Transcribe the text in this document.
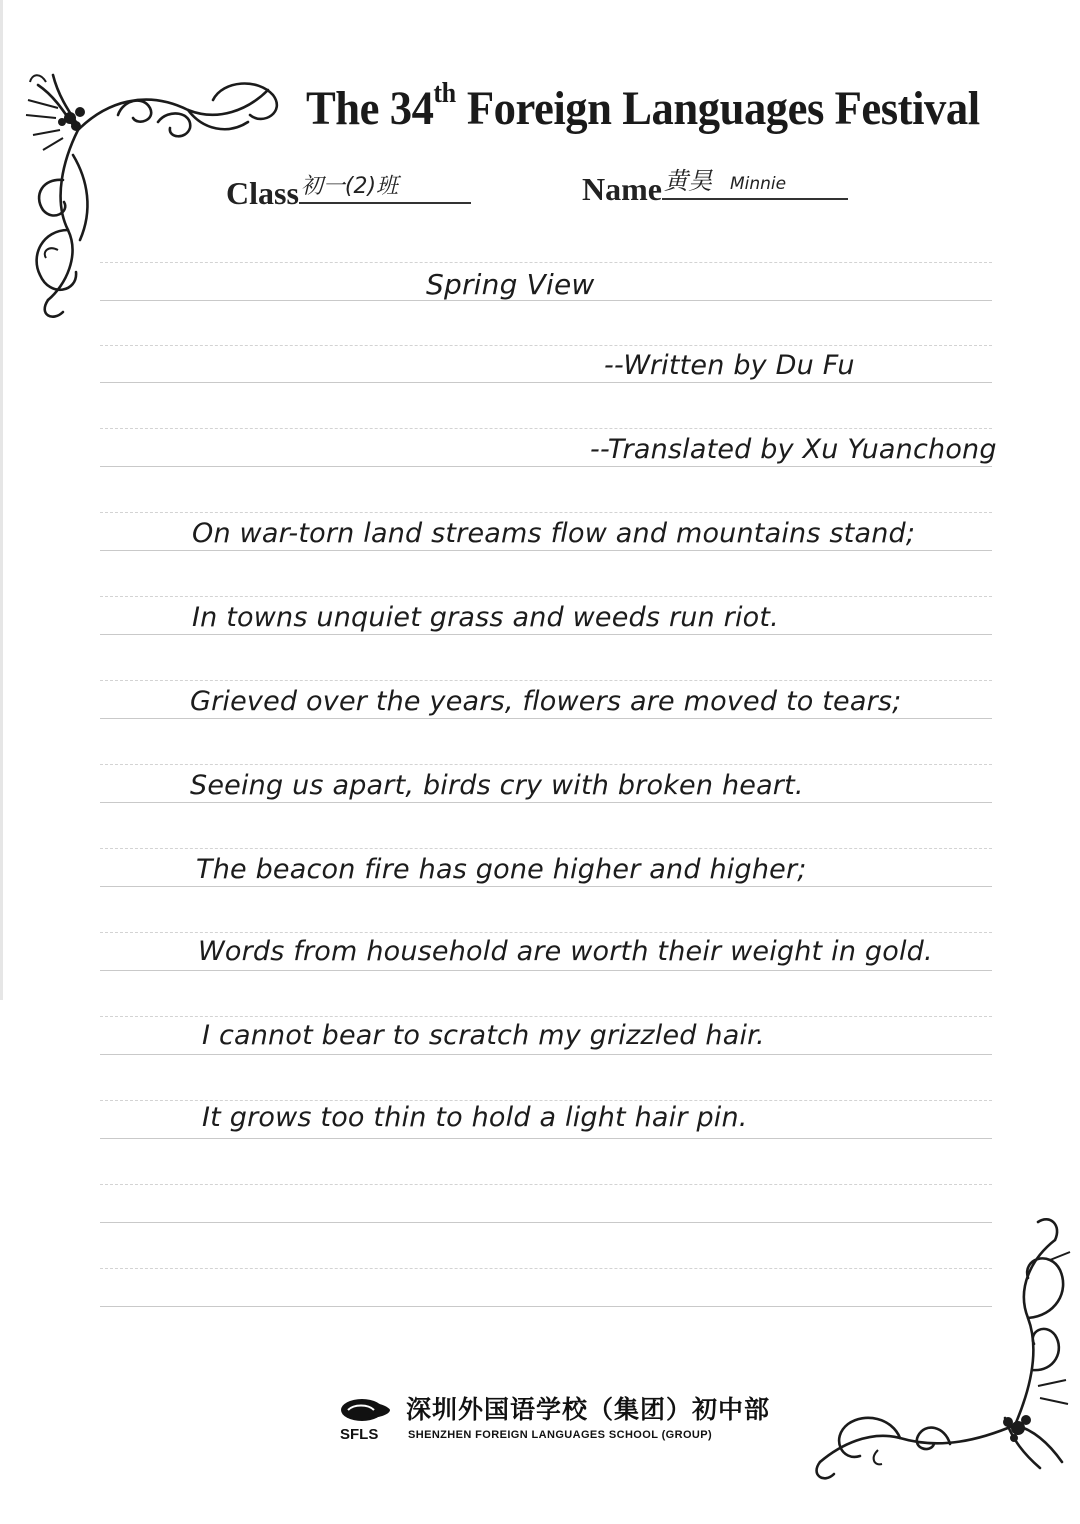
The 34th Foreign Languages Festival
Class 初一(2)班	Name 黄昊 Minnie
Spring View
--Written by Du Fu
--Translated by Xu Yuanchong
On war-torn land streams flow and mountains stand;
In towns unquiet grass and weeds run riot.
Grieved over the years, flowers are moved to tears;
Seeing us apart, birds cry with broken heart.
The beacon fire has gone higher and higher;
Words from household are worth their weight in gold.
I cannot bear to scratch my grizzled hair.
It grows too thin to hold a light hair pin.
SFLS
深圳外国语学校（集团）初中部
SHENZHEN FOREIGN LANGUAGES SCHOOL (GROUP)
